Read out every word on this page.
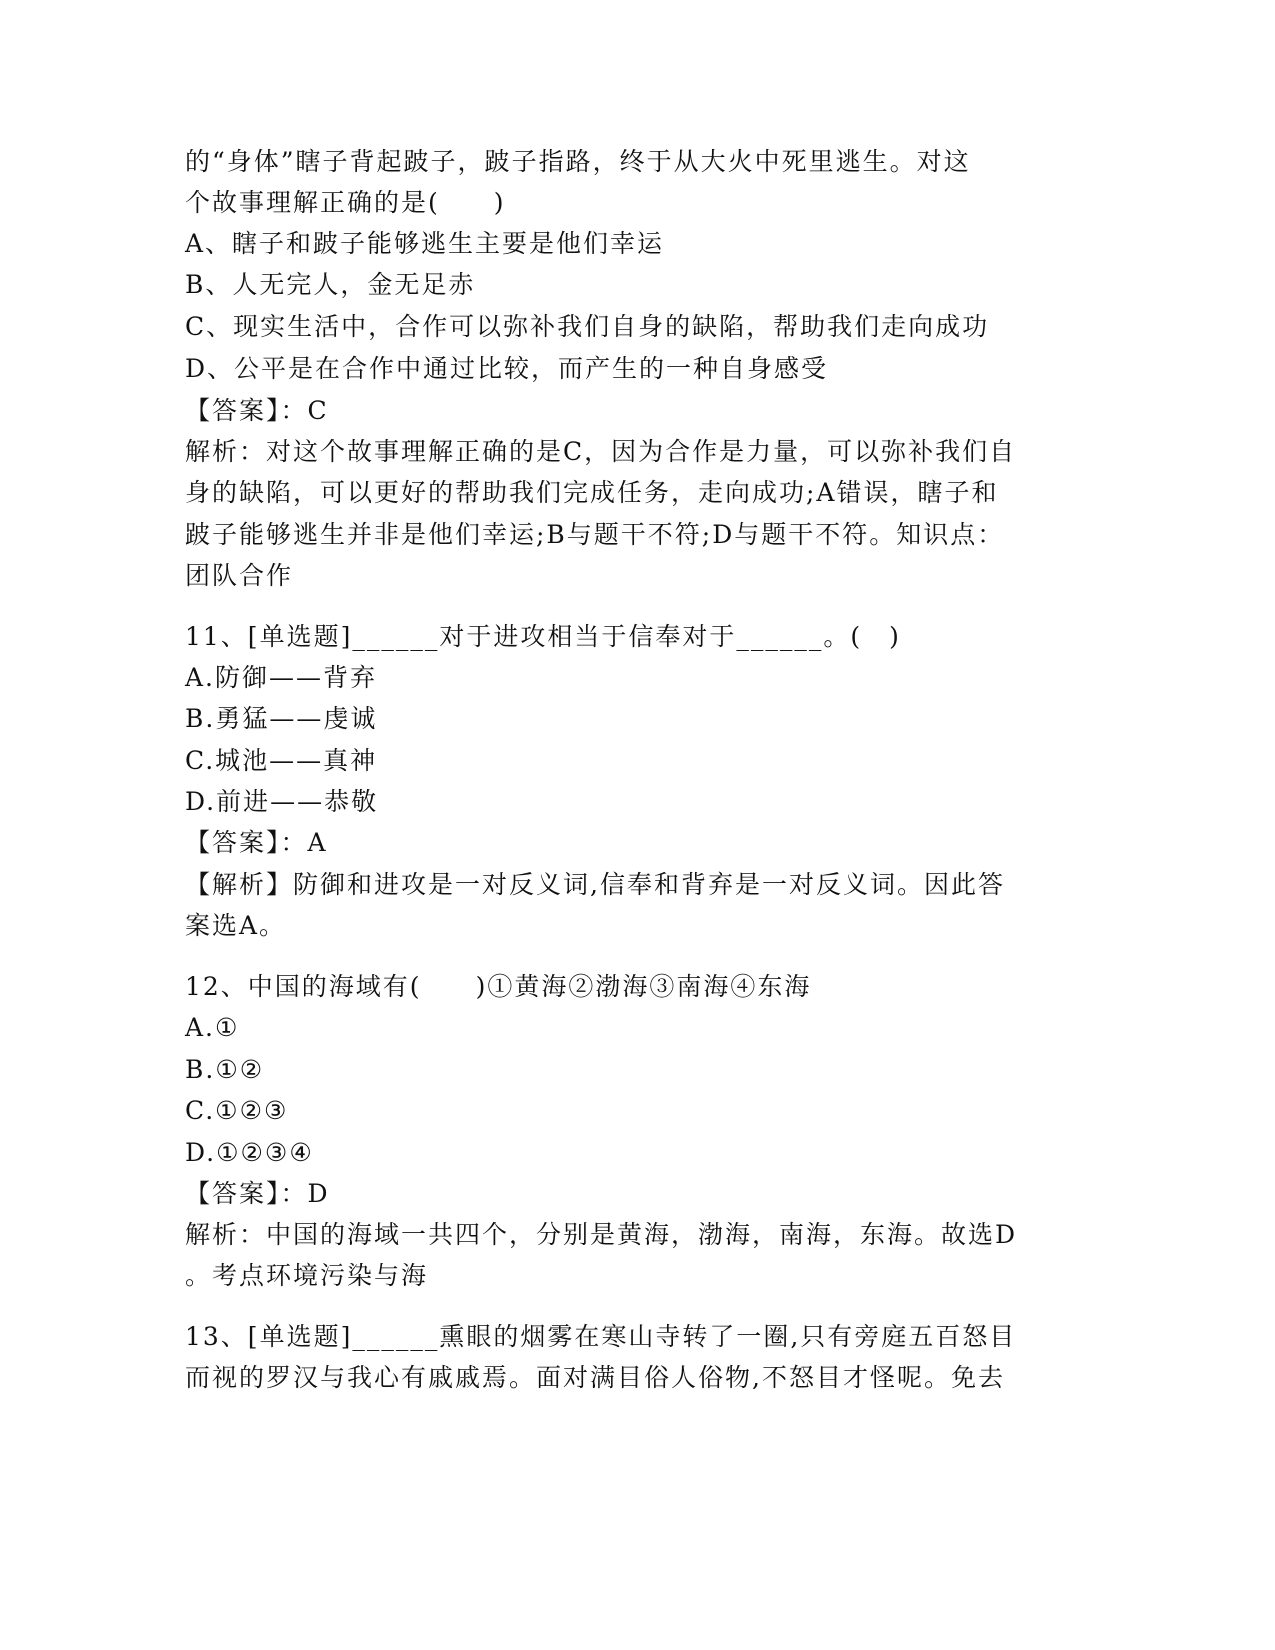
的“身体”瞎子背起跛子，跛子指路，终于从大火中死里逃生。对这
个故事理解正确的是(　　)
A、瞎子和跛子能够逃生主要是他们幸运
B、人无完人，金无足赤
C、现实生活中，合作可以弥补我们自身的缺陷，帮助我们走向成功
D、公平是在合作中通过比较，而产生的一种自身感受
【答案】：C
解析：对这个故事理解正确的是C，因为合作是力量，可以弥补我们自
身的缺陷，可以更好的帮助我们完成任务，走向成功;A错误，瞎子和
跛子能够逃生并非是他们幸运;B与题干不符;D与题干不符。知识点：
团队合作
11、[单选题]______对于进攻相当于信奉对于______。(　)
A.防御——背弃
B.勇猛——虔诚
C.城池——真神
D.前进——恭敬
【答案】：A
【解析】防御和进攻是一对反义词,信奉和背弃是一对反义词。因此答
案选A。
12、中国的海域有(　　)①黄海②渤海③南海④东海
A.①
B.①②
C.①②③
D.①②③④
【答案】：D
解析：中国的海域一共四个，分别是黄海，渤海，南海，东海。故选D
。考点环境污染与海
13、[单选题]______熏眼的烟雾在寒山寺转了一圈,只有旁庭五百怒目
而视的罗汉与我心有戚戚焉。面对满目俗人俗物,不怒目才怪呢。免去
